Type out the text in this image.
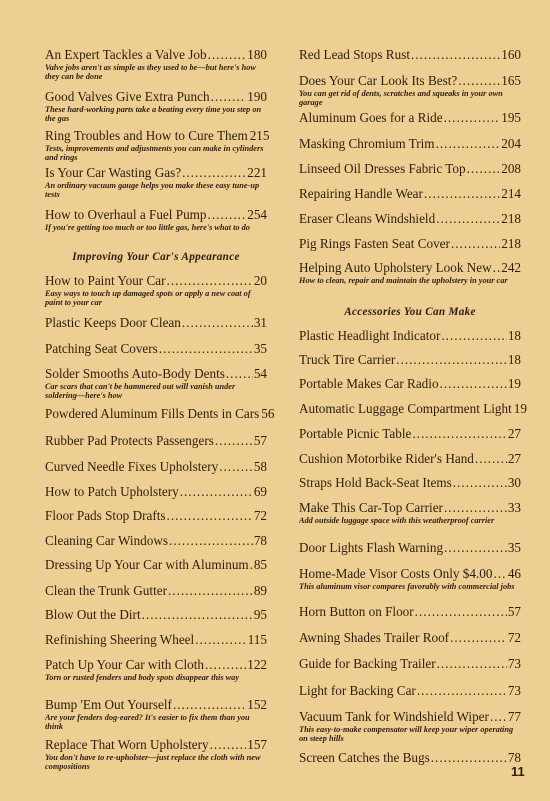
An Expert Tackles a Valve Job .....	180
Valve jobs aren't as simple as they used to be—but here's how they can be done
Good Valves Give Extra Punch .....	190
These hard-working parts take a beating every time you step on the gas
Ring Troubles and How to Cure Them 215
Tests, improvements and adjustments you can make in cylinders and rings
Is Your Car Wasting Gas? .....	221
An ordinary vacuum gauge helps you make these easy tune-up tests
How to Overhaul a Fuel Pump .....	254
If you're getting too much or too little gas, here's what to do
Improving Your Car's Appearance
How to Paint Your Car .....	20
Easy ways to touch up damaged spots or apply a new coat of paint to your car
Plastic Keeps Door Clean .....	31
Patching Seat Covers .....	35
Solder Smooths Auto-Body Dents ..... 54
Car scars that can't be hammered out will vanish under soldering—here's how
Powdered Aluminum Fills Dents in Cars 56
Rubber Pad Protects Passengers .....	57
Curved Needle Fixes Upholstery .....	58
How to Patch Upholstery .....	69
Floor Pads Stop Drafts .....	72
Cleaning Car Windows .....	78
Dressing Up Your Car with Aluminum ..... 85
Clean the Trunk Gutter .....	89
Blow Out the Dirt .....	95
Refinishing Sheering Wheel .....	115
Patch Up Your Car with Cloth .....	122
Torn or rusted fenders and body spots disappear this way
Bump 'Em Out Yourself .....	152
Are your fenders dog-eared? It's easier to fix them than you think
Replace That Worn Upholstery .....	157
You don't have to re-upholster—just replace the cloth with new compositions
Red Lead Stops Rust .....	160
Does Your Car Look Its Best? .....	165
You can get rid of dents, scratches and squeaks in your own garage
Aluminum Goes for a Ride .....	195
Masking Chromium Trim .....	204
Linseed Oil Dresses Fabric Top .....	208
Repairing Handle Wear .....	214
Eraser Cleans Windshield .....	218
Pig Rings Fasten Seat Cover .....	218
Helping Auto Upholstery Look New ..... 242
How to clean, repair and maintain the upholstery in your car
Accessories You Can Make
Plastic Headlight Indicator .....	18
Truck Tire Carrier .....	18
Portable Makes Car Radio .....	19
Automatic Luggage Compartment Light 19
Portable Picnic Table .....	27
Cushion Motorbike Rider's Hand .....	27
Straps Hold Back-Seat Items .....	30
Make This Car-Top Carrier .....	33
Add outside luggage space with this weatherproof carrier
Door Lights Flash Warning .....	35
Home-Made Visor Costs Only $4.00 ..... 46
This aluminum visor compares favorably with commercial jobs
Horn Button on Floor .....	57
Awning Shades Trailer Roof .....	72
Guide for Backing Trailer .....	73
Light for Backing Car .....	73
Vacuum Tank for Windshield Wiper ..... 77
This easy-to-make compensator will keep your wiper operating on steep hills
Screen Catches the Bugs .....	78
11
